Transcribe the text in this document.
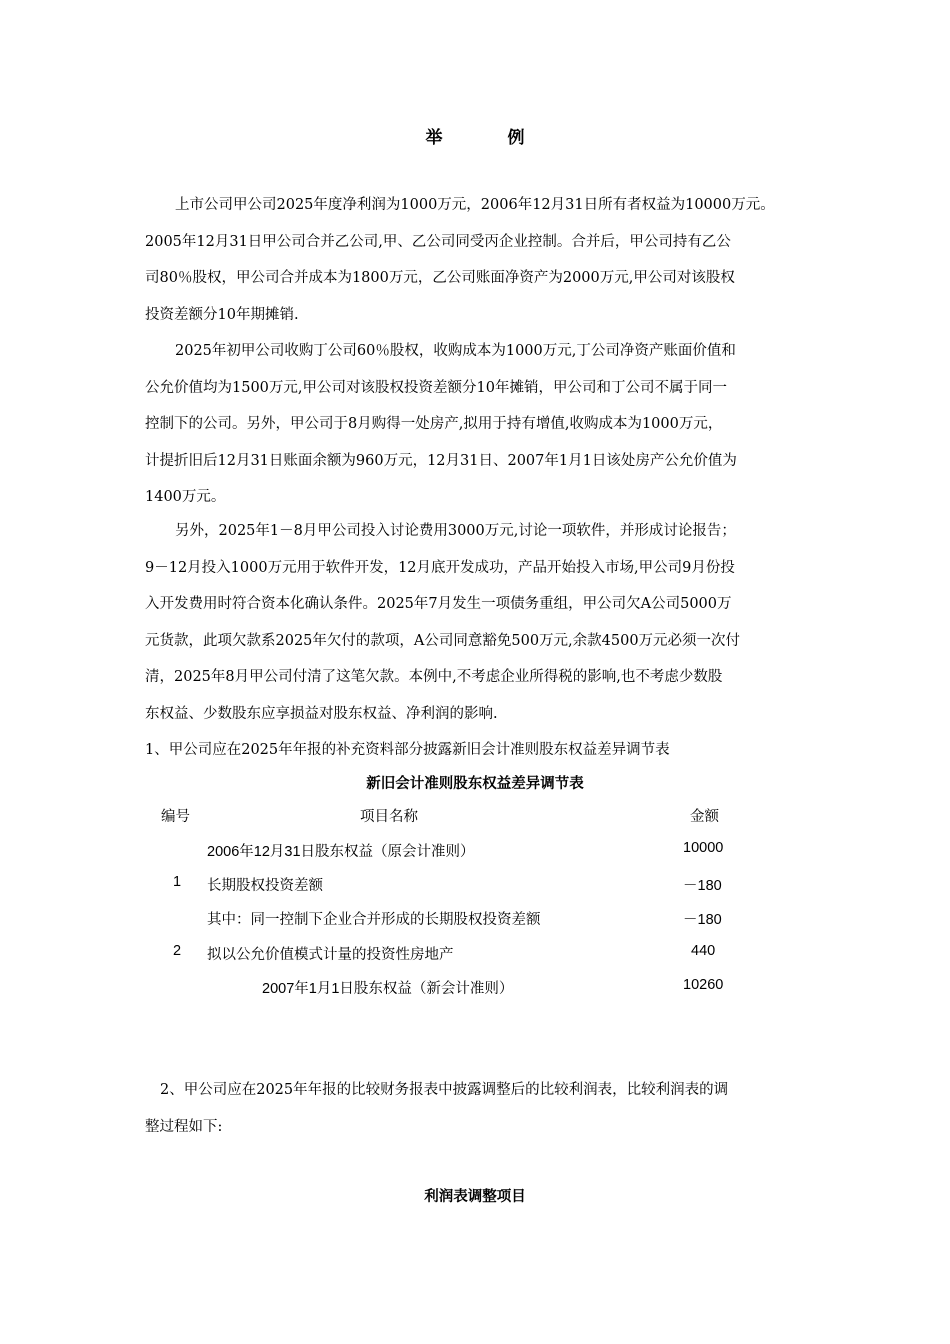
举　例
上市公司甲公司2025年度净利润为1000万元，2006年12月31日所有者权益为10000万元。
2005年12月31日甲公司合并乙公司,甲、乙公司同受丙企业控制。合并后，甲公司持有乙公
司80％股权，甲公司合并成本为1800万元，乙公司账面净资产为2000万元,甲公司对该股权
投资差额分10年期摊销.
2025年初甲公司收购丁公司60％股权，收购成本为1000万元,丁公司净资产账面价值和
公允价值均为1500万元,甲公司对该股权投资差额分10年摊销，甲公司和丁公司不属于同一
控制下的公司。另外，甲公司于8月购得一处房产,拟用于持有增值,收购成本为1000万元，
计提折旧后12月31日账面余额为960万元，12月31日、2007年1月1日该处房产公允价值为
1400万元。
另外，2025年1－8月甲公司投入讨论费用3000万元,讨论一项软件，并形成讨论报告；
9－12月投入1000万元用于软件开发，12月底开发成功，产品开始投入市场,甲公司9月份投
入开发费用时符合资本化确认条件。2025年7月发生一项债务重组，甲公司欠A公司5000万
元货款，此项欠款系2025年欠付的款项，A公司同意豁免500万元,余款4500万元必须一次付
清，2025年8月甲公司付清了这笔欠款。本例中,不考虑企业所得税的影响,也不考虑少数股
东权益、少数股东应享损益对股东权益、净利润的影响.
1、甲公司应在2025年年报的补充资料部分披露新旧会计准则股东权益差异调节表
新旧会计准则股东权益差异调节表
编号	项目名称	金额
2006年12月31日股东权益（原会计准则）	10000
1 长期股权投资差额	－180
其中：同一控制下企业合并形成的长期股权投资差额	－180
2 拟以公允价值模式计量的投资性房地产	440
2007年1月1日股东权益（新会计准则）	10260
2、甲公司应在2025年年报的比较财务报表中披露调整后的比较利润表，比较利润表的调
整过程如下:
利润表调整项目
